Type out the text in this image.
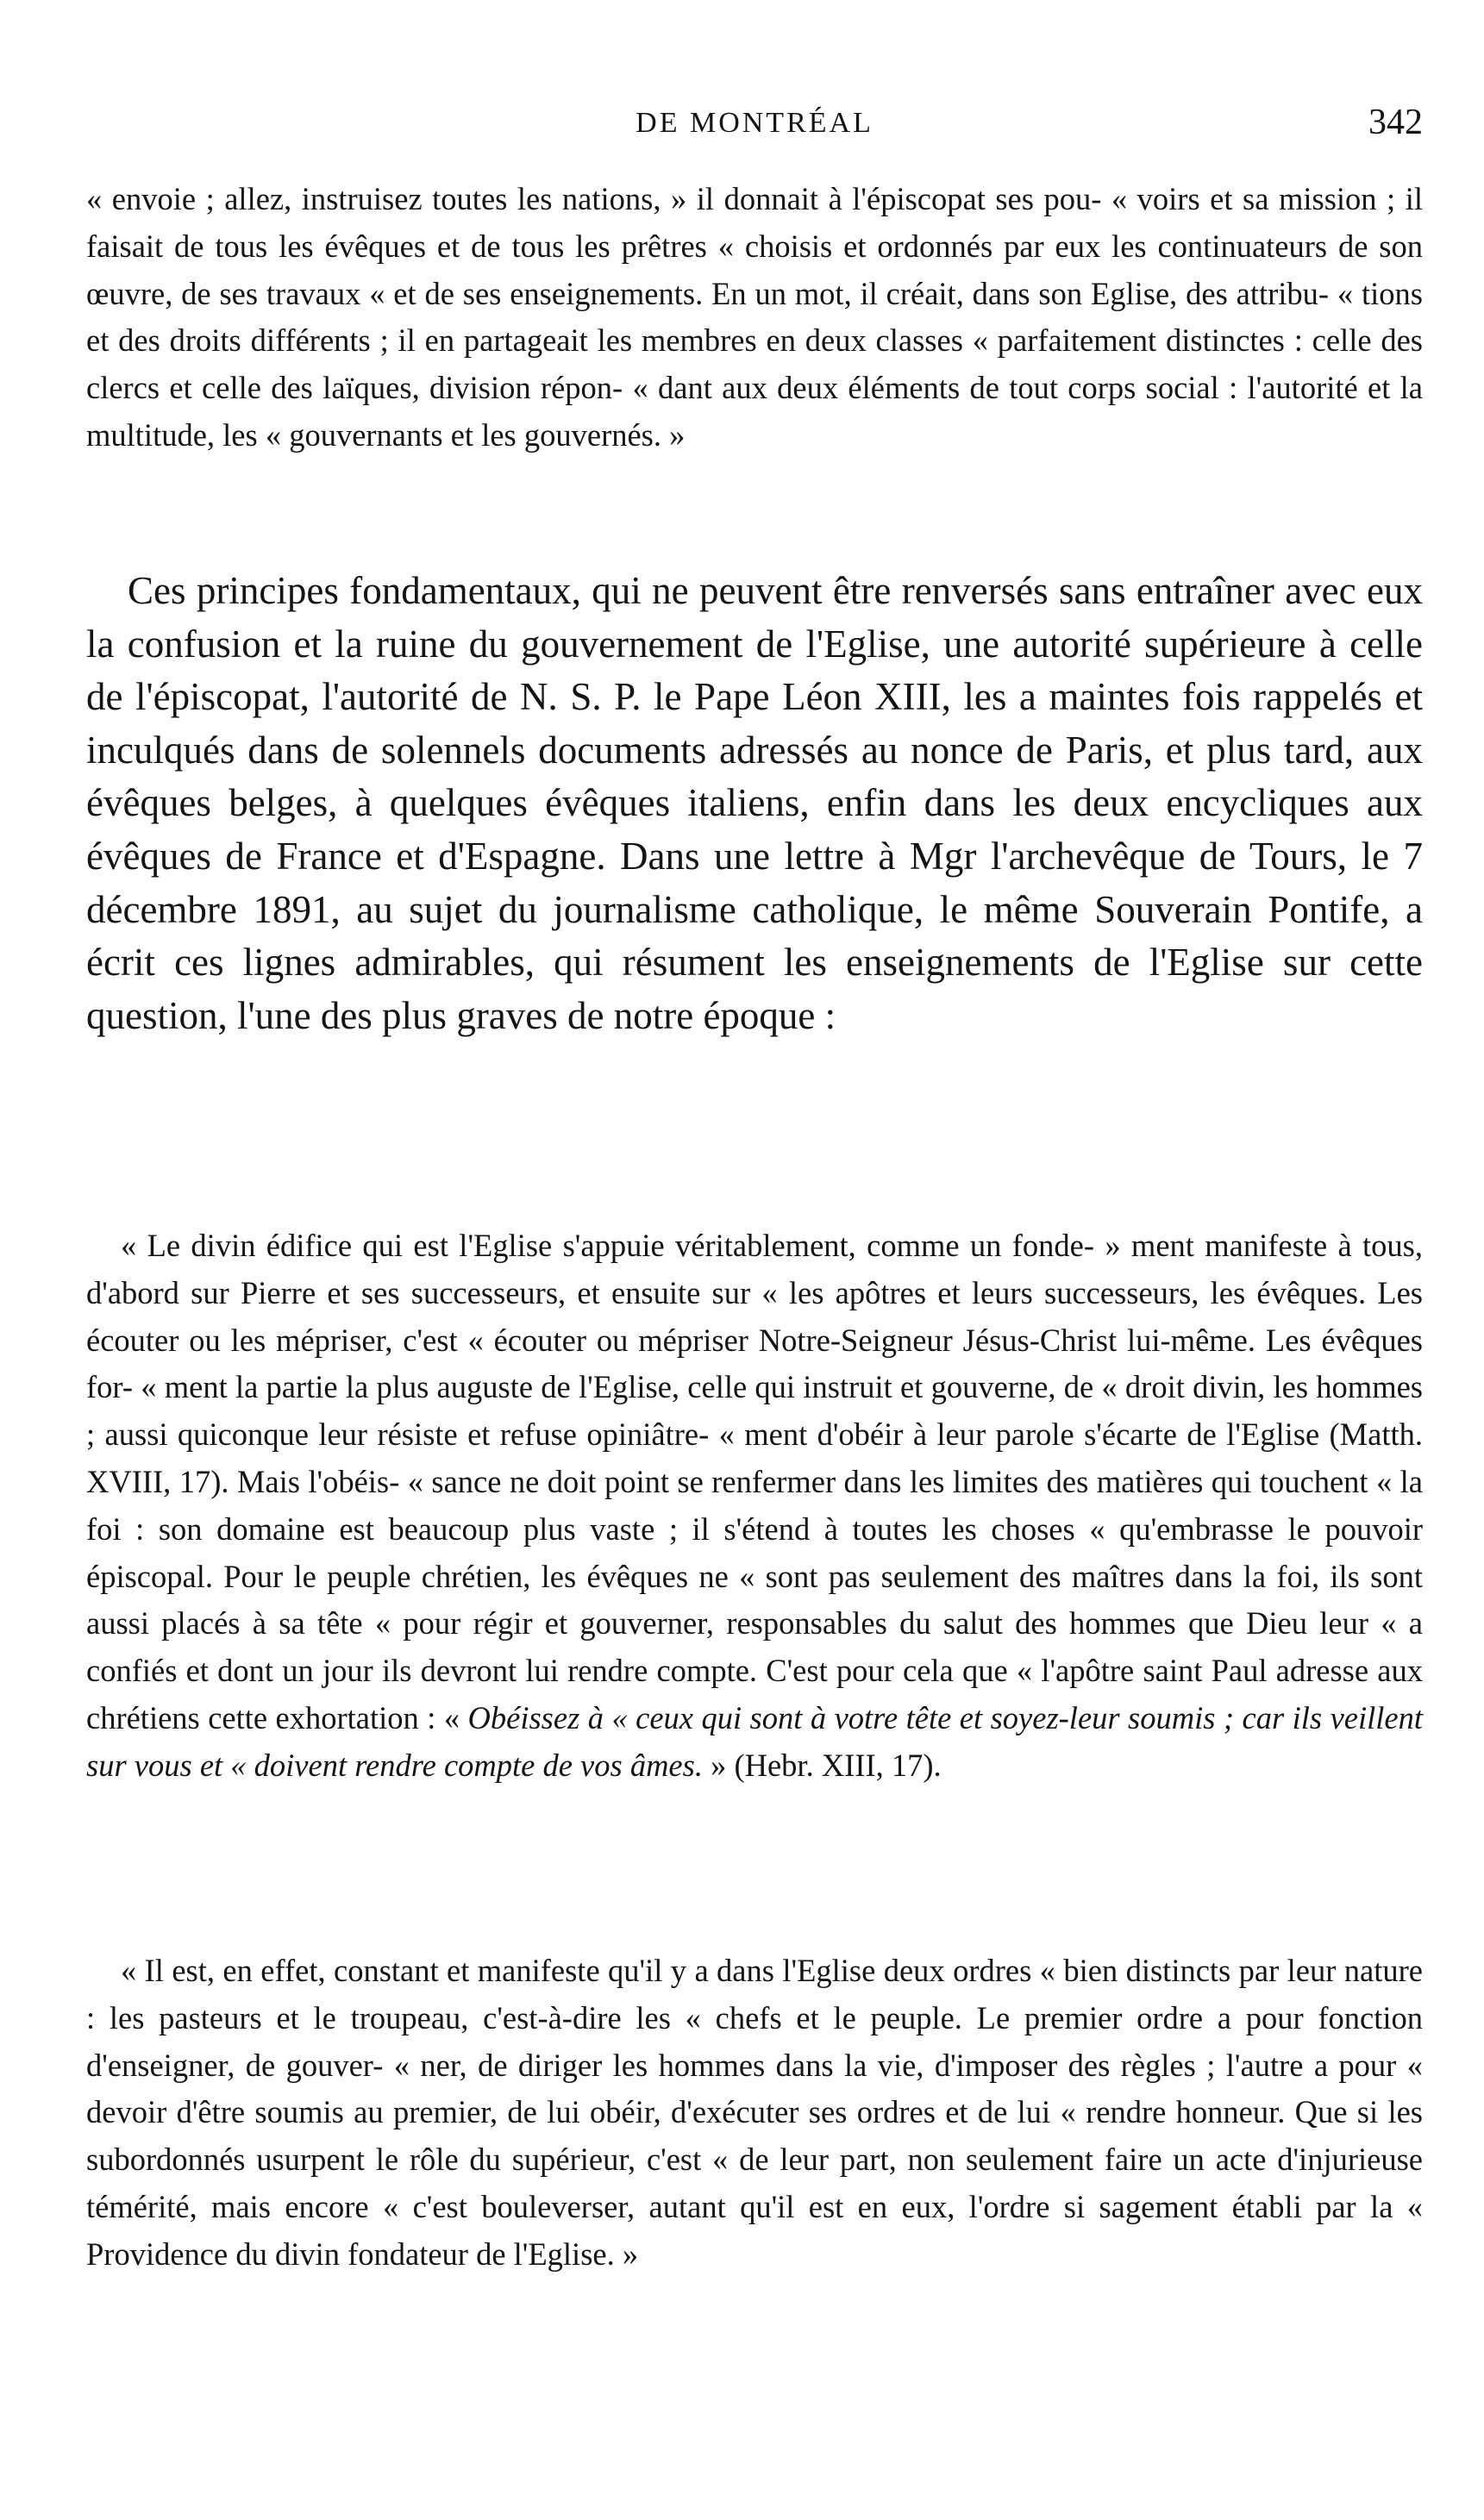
DE MONTRÉAL	342

« envoie ; allez, instruisez toutes les nations, » il donnait à l'épiscopat ses pou- « voirs et sa mission ; il faisait de tous les évêques et de tous les prêtres « choisis et ordonnés par eux les continuateurs de son œuvre, de ses travaux « et de ses enseignements. En un mot, il créait, dans son Eglise, des attribu- « tions et des droits différents ; il en partageait les membres en deux classes « parfaitement distinctes : celle des clercs et celle des laïques, division répon- « dant aux deux éléments de tout corps social : l'autorité et la multitude, les « gouvernants et les gouvernés. »

Ces principes fondamentaux, qui ne peuvent être renversés sans entraîner avec eux la confusion et la ruine du gouvernement de l'Eglise, une autorité supérieure à celle de l'épiscopat, l'autorité de N. S. P. le Pape Léon XIII, les a maintes fois rappelés et inculqués dans de solennels documents adressés au nonce de Paris, et plus tard, aux évêques belges, à quelques évêques italiens, enfin dans les deux encycliques aux évêques de France et d'Espagne. Dans une lettre à Mgr l'archevêque de Tours, le 7 décembre 1891, au sujet du journalisme catholique, le même Souverain Pontife, a écrit ces lignes admirables, qui résument les enseignements de l'Eglise sur cette question, l'une des plus graves de notre époque :

« Le divin édifice qui est l'Eglise s'appuie véritablement, comme un fonde- » ment manifeste à tous, d'abord sur Pierre et ses successeurs, et ensuite sur « les apôtres et leurs successeurs, les évêques. Les écouter ou les mépriser, c'est « écouter ou mépriser Notre-Seigneur Jésus-Christ lui-même. Les évêques for- « ment la partie la plus auguste de l'Eglise, celle qui instruit et gouverne, de « droit divin, les hommes ; aussi quiconque leur résiste et refuse opiniâtre- « ment d'obéir à leur parole s'écarte de l'Eglise (Matth. XVIII, 17). Mais l'obéis- « sance ne doit point se renfermer dans les limites des matières qui touchent « la foi : son domaine est beaucoup plus vaste ; il s'étend à toutes les choses « qu'embrasse le pouvoir épiscopal. Pour le peuple chrétien, les évêques ne « sont pas seulement des maîtres dans la foi, ils sont aussi placés à sa tête « pour régir et gouverner, responsables du salut des hommes que Dieu leur « a confiés et dont un jour ils devront lui rendre compte. C'est pour cela que « l'apôtre saint Paul adresse aux chrétiens cette exhortation : « Obéissez à « ceux qui sont à votre tête et soyez-leur soumis ; car ils veillent sur vous et « doivent rendre compte de vos âmes. » (Hebr. XIII, 17).

« Il est, en effet, constant et manifeste qu'il y a dans l'Eglise deux ordres « bien distincts par leur nature : les pasteurs et le troupeau, c'est-à-dire les « chefs et le peuple. Le premier ordre a pour fonction d'enseigner, de gouver- « ner, de diriger les hommes dans la vie, d'imposer des règles ; l'autre a pour « devoir d'être soumis au premier, de lui obéir, d'exécuter ses ordres et de lui « rendre honneur. Que si les subordonnés usurpent le rôle du supérieur, c'est « de leur part, non seulement faire un acte d'injurieuse témérité, mais encore « c'est bouleverser, autant qu'il est en eux, l'ordre si sagement établi par la « Providence du divin fondateur de l'Eglise. »
